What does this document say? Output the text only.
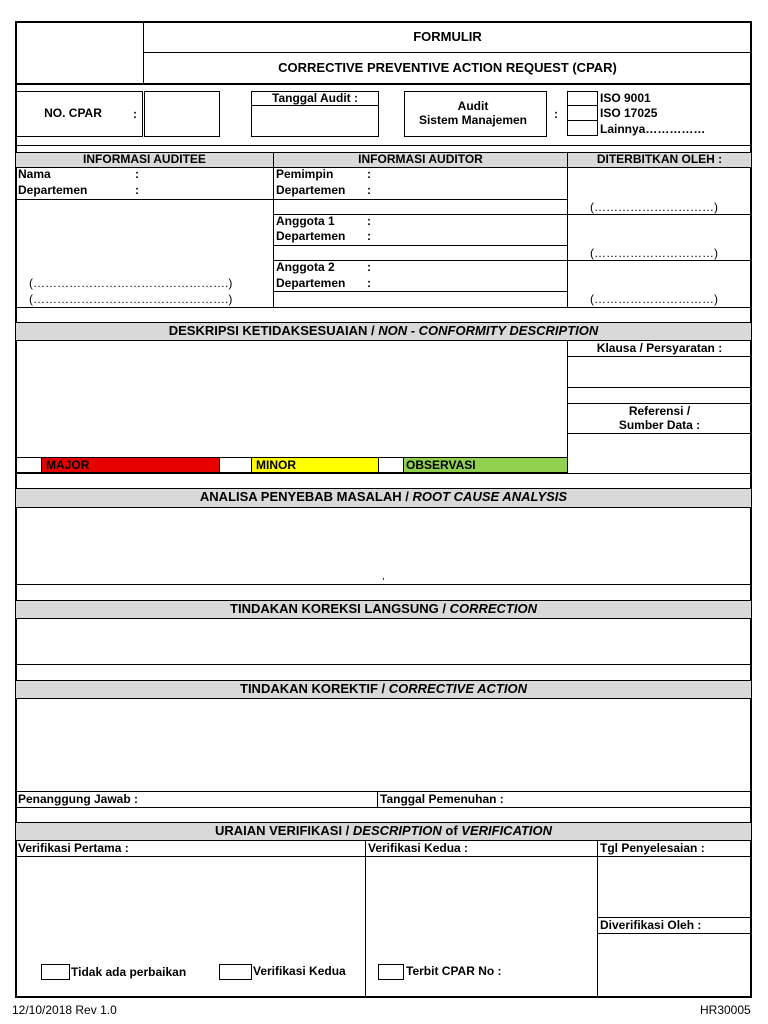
FORMULIR
CORRECTIVE PREVENTIVE ACTION REQUEST (CPAR)
NO. CPAR	:
Tanggal Audit :
Audit
Sistem Manajemen	:
ISO 9001
ISO 17025
Lainnya……………
INFORMASI AUDITEE	INFORMASI AUDITOR	DITERBITKAN OLEH :
Nama	:
Departemen	:
(………………………………………….)
(………………………………………….)
Pemimpin	:
Departemen :
Anggota 1	:
Departemen :
Anggota 2	:
Departemen :
(…………………………)
(…………………………)
(…………………………)
DESKRIPSI KETIDAKSESUAIAN / NON - CONFORMITY DESCRIPTION
Klausa / Persyaratan :
Referensi /
Sumber Data :
MAJOR	MINOR	OBSERVASI
ANALISA PENYEBAB MASALAH / ROOT CAUSE ANALYSIS
,
TINDAKAN KOREKSI LANGSUNG / CORRECTION
TINDAKAN KOREKTIF / CORRECTIVE ACTION
Penanggung Jawab :	Tanggal Pemenuhan :
URAIAN VERIFIKASI / DESCRIPTION of VERIFICATION
Verifikasi Pertama :	Verifikasi Kedua :	Tgl Penyelesaian :
Diverifikasi Oleh :
Tidak ada perbaikan	Verifikasi Kedua	Terbit CPAR No :
12/10/2018 Rev 1.0	HR30005
